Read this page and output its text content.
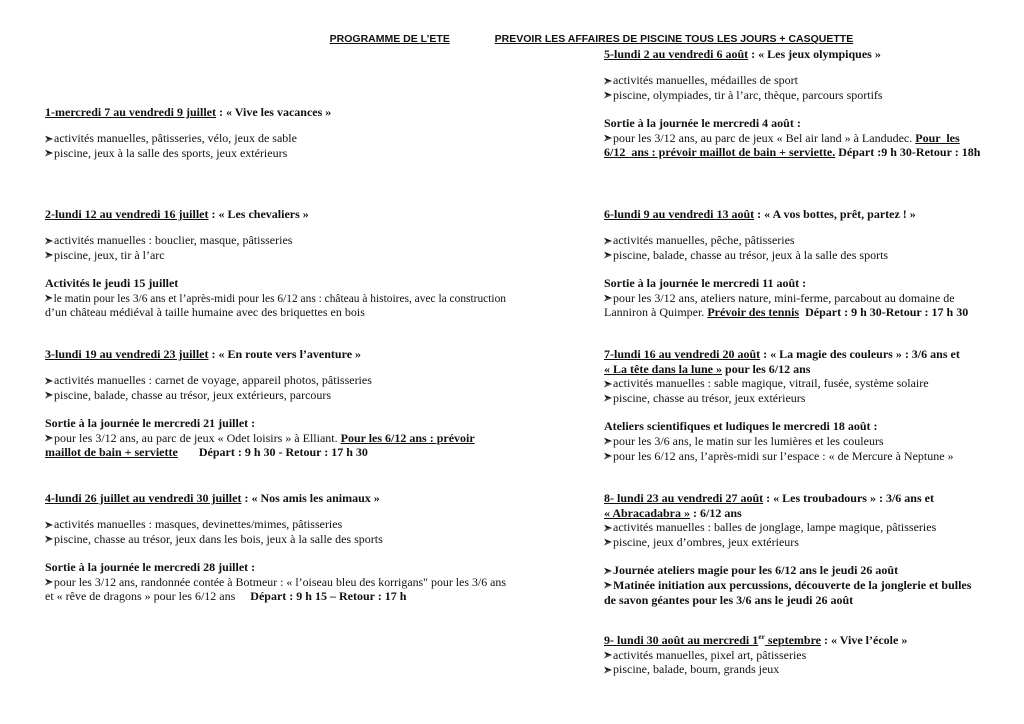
PROGRAMME DE L’ETE
	PREVOIR LES AFFAIRES DE PISCINE TOUS LES JOURS + CASQUETTE

1-mercredi 7 au vendredi 9 juillet : « Vive les vacances »
activités manuelles, pâtisseries, vélo, jeux de sable
piscine, jeux à la salle des sports, jeux extérieurs
2-lundi 12 au vendredi 16 juillet : « Les chevaliers »
activités manuelles : bouclier, masque, pâtisseries
piscine, jeux, tir à l’arc
Activités le jeudi 15 juillet
le matin pour les 3/6 ans et l’après-midi pour les 6/12 ans : château à histoires, avec la construction
d’un château médiéval à taille humaine avec des briquettes en bois
3-lundi 19 au vendredi 23 juillet : « En route vers l’aventure »
activités manuelles : carnet de voyage, appareil photos, pâtisseries
piscine, balade, chasse au trésor, jeux extérieurs, parcours
Sortie à la journée le mercredi 21 juillet :
pour les 3/12 ans, au parc de jeux « Odet loisirs » à Elliant. Pour les 6/12 ans : prévoir
maillot de bain + serviette       Départ : 9 h 30 - Retour : 17 h 30
4-lundi 26 juillet au vendredi 30 juillet : « Nos amis les animaux »
activités manuelles : masques, devinettes/mimes, pâtisseries
piscine, chasse au trésor, jeux dans les bois, jeux à la salle des sports
Sortie à la journée le mercredi 28 juillet :
pour les 3/12 ans, randonnée contée à Botmeur : « l’oiseau bleu des korrigans" pour les 3/6 ans
et « rêve de dragons » pour les 6/12 ans     Départ : 9 h 15 – Retour : 17 h
5-lundi 2 au vendredi 6 août : « Les jeux olympiques »
activités manuelles, médailles de sport
piscine, olympiades, tir à l’arc, thèque, parcours sportifs
Sortie à la journée le mercredi 4 août :
pour les 3/12 ans, au parc de jeux « Bel air land » à Landudec. Pour  les
6/12  ans : prévoir maillot de bain + serviette. Départ :9 h 30-Retour : 18h
6-lundi 9 au vendredi 13 août : « A vos bottes, prêt, partez ! »
activités manuelles, pêche, pâtisseries
piscine, balade, chasse au trésor, jeux à la salle des sports
Sortie à la journée le mercredi 11 août :
pour les 3/12 ans, ateliers nature, mini-ferme, parcabout au domaine de
Lanniron à Quimper. Prévoir des tennis  Départ : 9 h 30-Retour : 17 h 30
7-lundi 16 au vendredi 20 août : « La magie des couleurs » : 3/6 ans et
« La tête dans la lune » pour les 6/12 ans
activités manuelles : sable magique, vitrail, fusée, système solaire
piscine, chasse au trésor, jeux extérieurs
Ateliers scientifiques et ludiques le mercredi 18 août :
pour les 3/6 ans, le matin sur les lumières et les couleurs
pour les 6/12 ans, l’après-midi sur l’espace : « de Mercure à Neptune »
8- lundi 23 au vendredi 27 août : « Les troubadours » : 3/6 ans et
« Abracadabra » : 6/12 ans
activités manuelles : balles de jonglage, lampe magique, pâtisseries
piscine, jeux d’ombres, jeux extérieurs
Journée ateliers magie pour les 6/12 ans le jeudi 26 août
Matinée initiation aux percussions, découverte de la jonglerie et bulles
de savon géantes pour les 3/6 ans le jeudi 26 août
9- lundi 30 août au mercredi 1er septembre : « Vive l’école »
activités manuelles, pixel art, pâtisseries
piscine, balade, boum, grands jeux
